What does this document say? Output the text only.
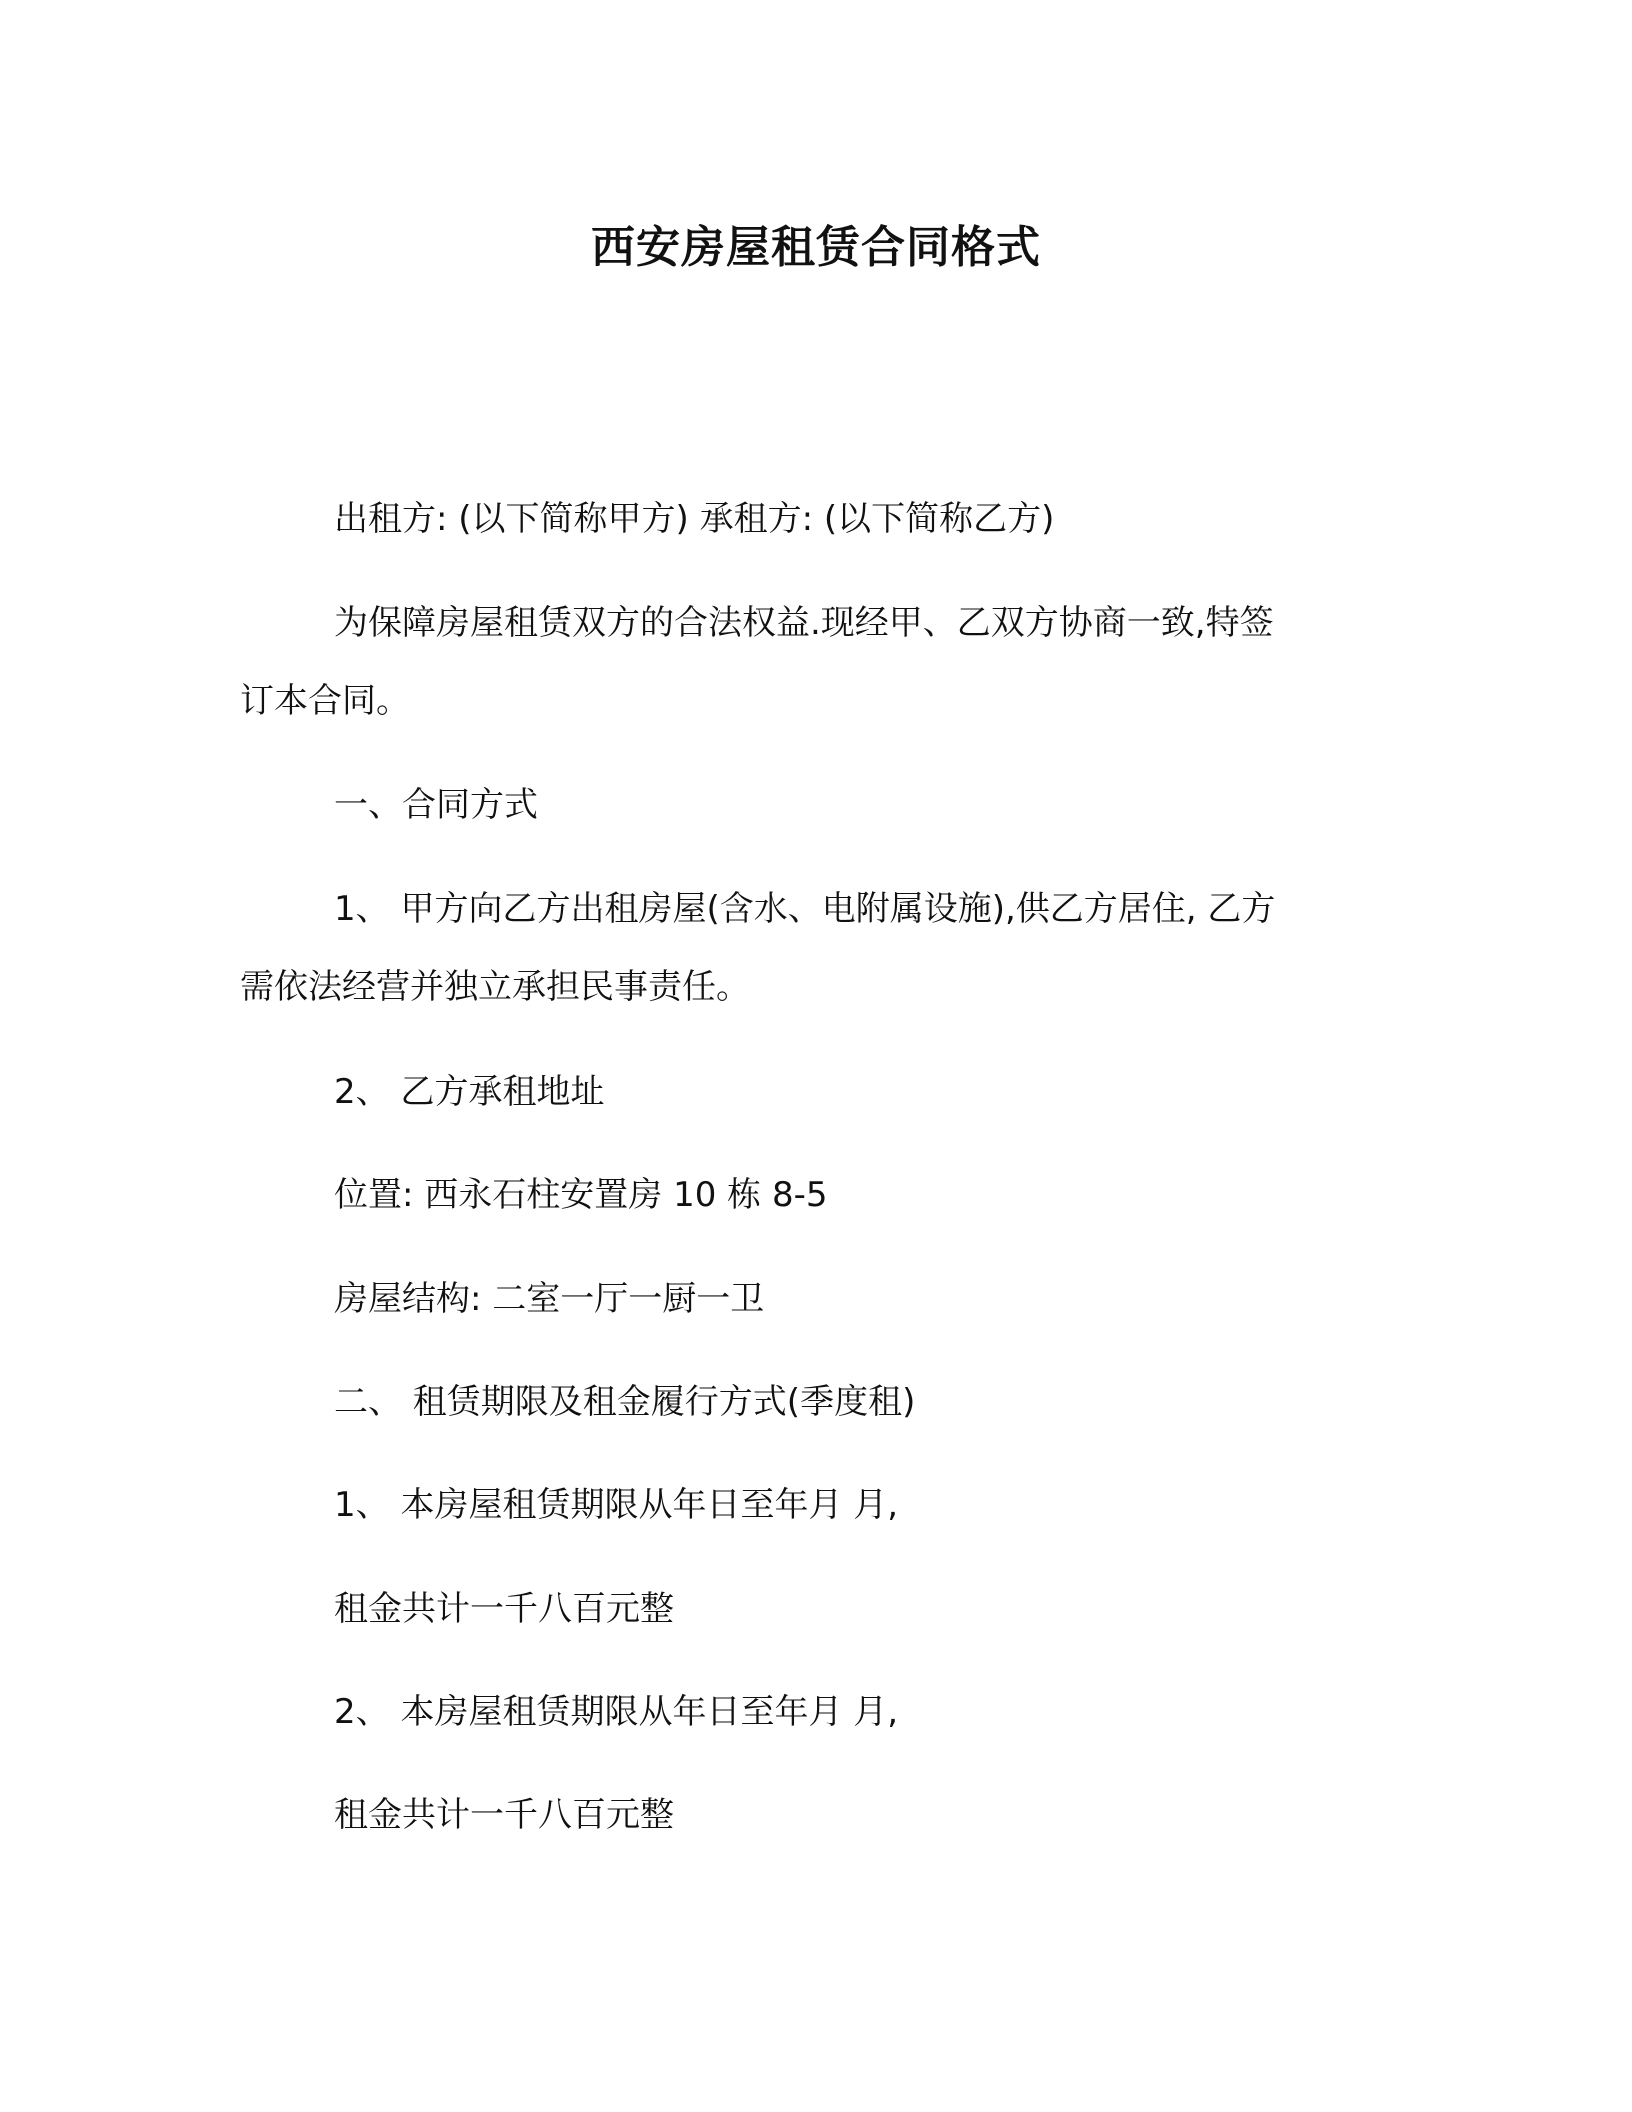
西安房屋租赁合同格式
出租方: (以下简称甲方) 承租方: (以下简称乙方)
为保障房屋租赁双方的合法权益.现经甲、乙双方协商一致,特签
订本合同。
一、合同方式
1、 甲方向乙方出租房屋(含水、电附属设施),供乙方居住, 乙方
需依法经营并独立承担民事责任。
2、 乙方承租地址
位置: 西永石柱安置房 10 栋 8-5
房屋结构: 二室一厅一厨一卫
二、 租赁期限及租金履行方式(季度租)
1、 本房屋租赁期限从年日至年月 月,
租金共计一千八百元整
2、 本房屋租赁期限从年日至年月 月,
租金共计一千八百元整
